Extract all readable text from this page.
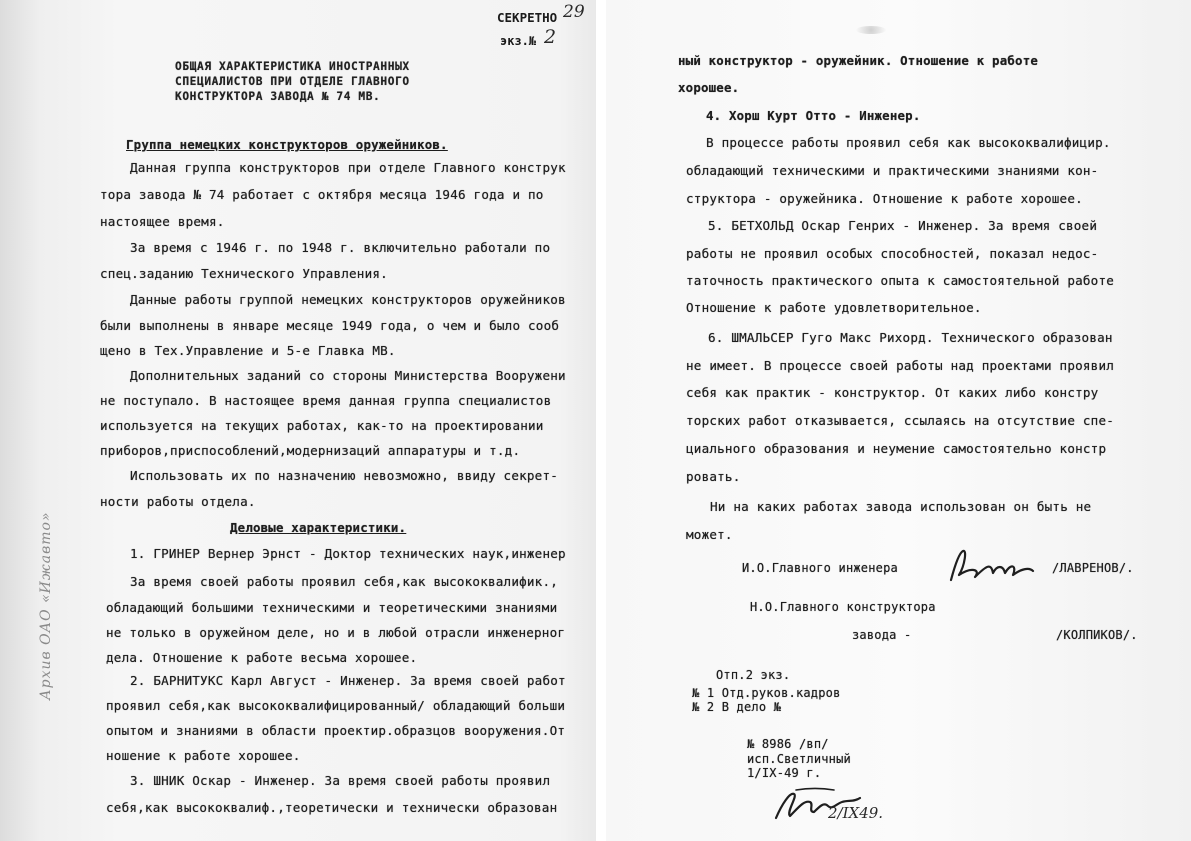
СЕКРЕТНО 29
экз.№ 2
ОБЩАЯ ХАРАКТЕРИСТИКА ИНОСТРАННЫХ
СПЕЦИАЛИСТОВ ПРИ ОТДЕЛЕ ГЛАВНОГО
КОНСТРУКТОРА ЗАВОДА № 74 МВ.
Группа немецких конструкторов оружейников.
Данная группа конструкторов при отделе Главного конструк
тора завода № 74 работает с октября месяца 1946 года и по
настоящее время.
За время с 1946 г. по 1948 г. включительно работали по
спец.заданию Технического Управления.
Данные работы группой немецких конструкторов оружейников
были выполнены в январе месяце 1949 года, о чем и было сооб
щено в Тех.Управление и 5-е Главка МВ.
Дополнительных заданий со стороны Министерства Вооружени
не поступало. В настоящее время данная группа специалистов
используется на текущих работах, как-то на проектировании
приборов,приспособлений,модернизаций аппаратуры и т.д.
Использовать их по назначению невозможно, ввиду секрет-
ности работы отдела.
Деловые характеристики.
1. ГРИНЕР Вернер Эрнст - Доктор технических наук,инженер
За время своей работы проявил себя,как высококвалифик.,
обладающий большими техническими и теоретическими знаниями
не только в оружейном деле, но и в любой отрасли инженерног
дела. Отношение к работе весьма хорошее.
2. БАРНИТУКС Карл Август - Инженер. За время своей работ
проявил себя,как высококвалифицированный/ обладающий больши
опытом и знаниями в области проектир.образцов вооружения.От
ношение к работе хорошее.
3. ШНИК Оскар - Инженер. За время своей работы проявил
себя,как высококвалиф.,теоретически и технически образован
Архив ОАО «Ижавто»
ный конструктор - оружейник. Отношение к работе
хорошее.
4. Хорш Курт Отто - Инженер.
В процессе работы проявил себя как высококвалифицир.
обладающий техническими и практическими знаниями кон-
структора - оружейника. Отношение к работе хорошее.
5. БЕТХОЛЬД Оскар Генрих - Инженер. За время своей
работы не проявил особых способностей, показал недос-
таточность практического опыта к самостоятельной работе
Отношение к работе удовлетворительное.
6. ШМАЛЬСЕР Гуго Макс Рихорд. Технического образован
не имеет. В процессе своей работы над проектами проявил
себя как практик - конструктор. От каких либо констру
торских работ отказывается, ссылаясь на отсутствие спе-
циального образования и неумение самостоятельно констр
ровать.
Ни на каких работах завода использован он быть не
может.
И.О.Главного инженера	/ЛАВРЕНОВ/.
Н.О.Главного конструктора
завода -	/КОЛПИКОВ/.
Отп.2 экз.
№ 1 Отд.руков.кадров
№ 2 В дело №
№ 8986 /вп/
исп.Светличный
1/IX-49 г.
2/IX49.
